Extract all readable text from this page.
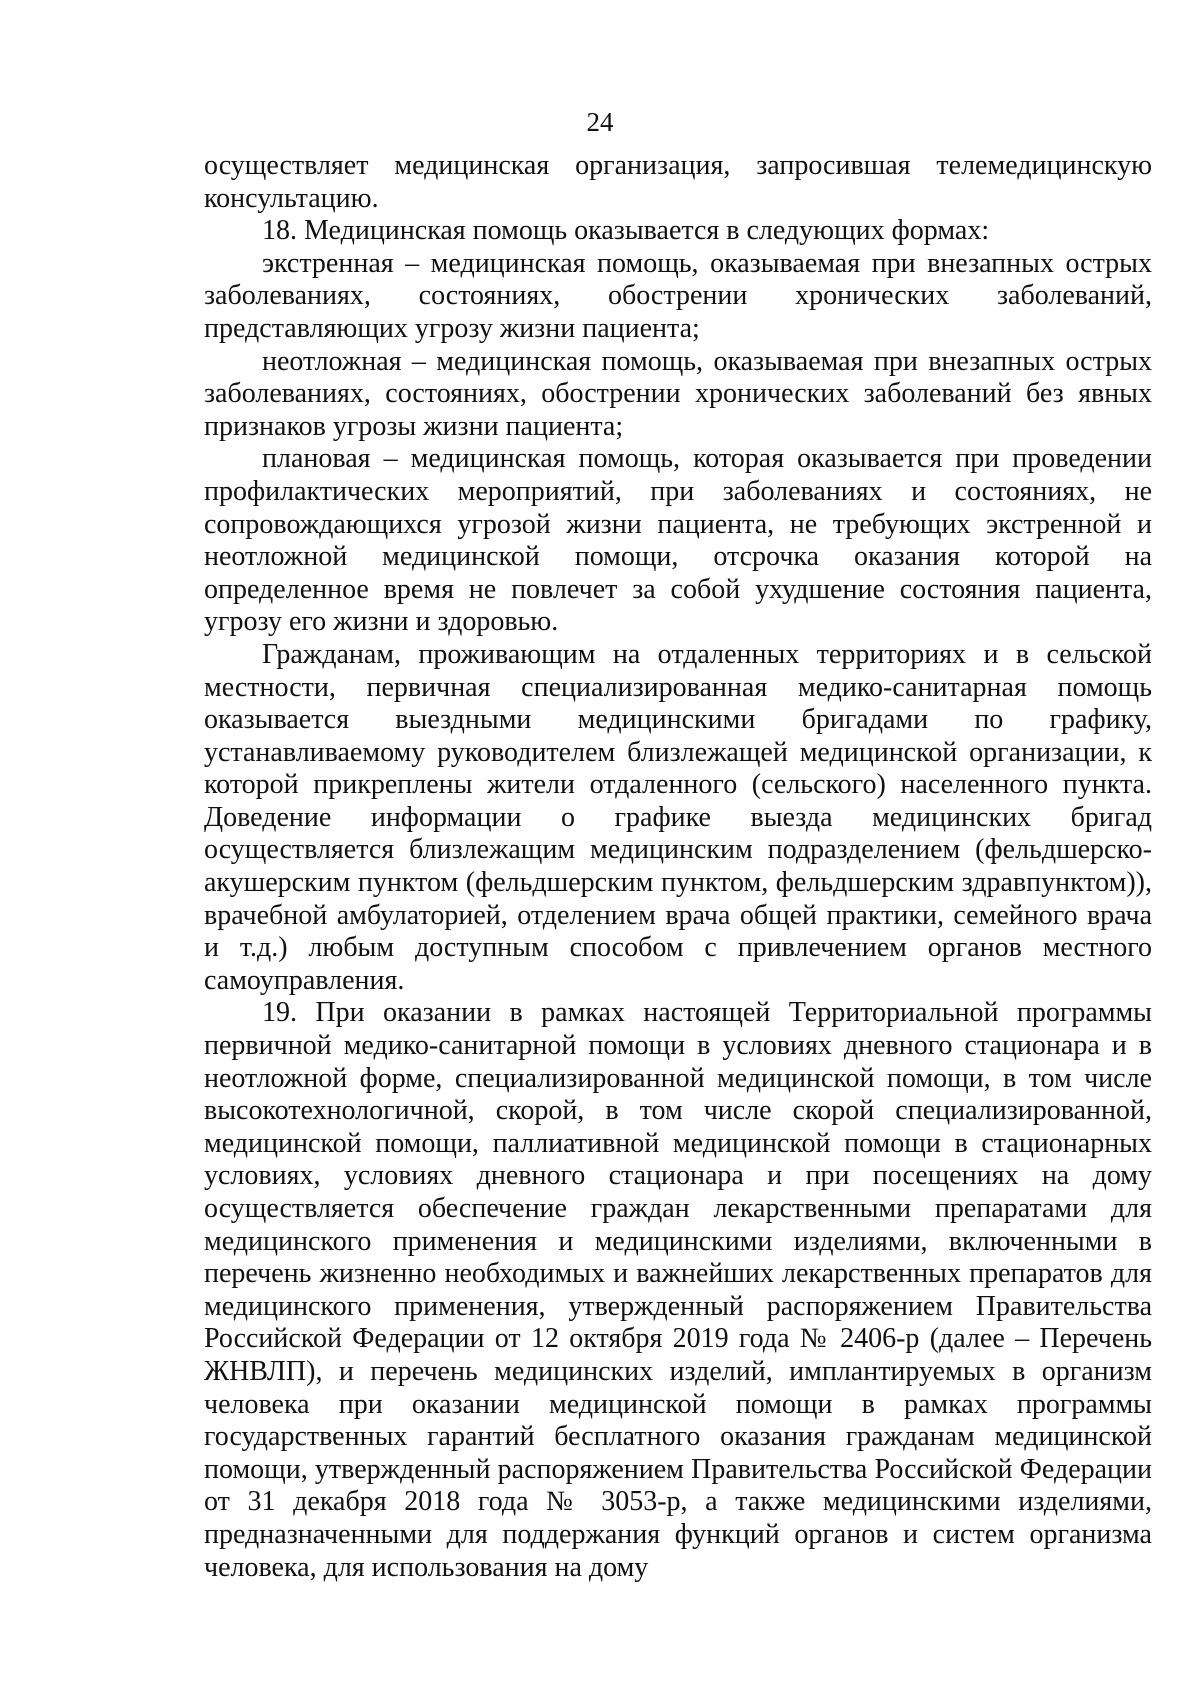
24

осуществляет медицинская организация, запросившая телемедицинскую консультацию.

18. Медицинская помощь оказывается в следующих формах:

экстренная – медицинская помощь, оказываемая при внезапных острых заболеваниях, состояниях, обострении хронических заболеваний, представляющих угрозу жизни пациента;

неотложная – медицинская помощь, оказываемая при внезапных острых заболеваниях, состояниях, обострении хронических заболеваний без явных признаков угрозы жизни пациента;

плановая – медицинская помощь, которая оказывается при проведении профилактических мероприятий, при заболеваниях и состояниях, не сопровождающихся угрозой жизни пациента, не требующих экстренной и неотложной медицинской помощи, отсрочка оказания которой на определенное время не повлечет за собой ухудшение состояния пациента, угрозу его жизни и здоровью.

Гражданам, проживающим на отдаленных территориях и в сельской местности, первичная специализированная медико-санитарная помощь оказывается выездными медицинскими бригадами по графику, устанавливаемому руководителем близлежащей медицинской организации, к которой прикреплены жители отдаленного (сельского) населенного пункта. Доведение информации о графике выезда медицинских бригад осуществляется близлежащим медицинским подразделением (фельдшерско-акушерским пунктом (фельдшерским пунктом, фельдшерским здравпунктом)), врачебной амбулаторией, отделением врача общей практики, семейного врача и т.д.) любым доступным способом с привлечением органов местного самоуправления.

19. При оказании в рамках настоящей Территориальной программы первичной медико-санитарной помощи в условиях дневного стационара и в неотложной форме, специализированной медицинской помощи, в том числе высокотехнологичной, скорой, в том числе скорой специализированной, медицинской помощи, паллиативной медицинской помощи в стационарных условиях, условиях дневного стационара и при посещениях на дому осуществляется обеспечение граждан лекарственными препаратами для медицинского применения и медицинскими изделиями, включенными в перечень жизненно необходимых и важнейших лекарственных препаратов для медицинского применения, утвержденный распоряжением Правительства Российской Федерации от 12 октября 2019 года № 2406-р (далее – Перечень ЖНВЛП), и перечень медицинских изделий, имплантируемых в организм человека при оказании медицинской помощи в рамках программы государственных гарантий бесплатного оказания гражданам медицинской помощи, утвержденный распоряжением Правительства Российской Федерации от 31 декабря 2018 года № 3053-р, а также медицинскими изделиями, предназначенными для поддержания функций органов и систем организма человека, для использования на дому
